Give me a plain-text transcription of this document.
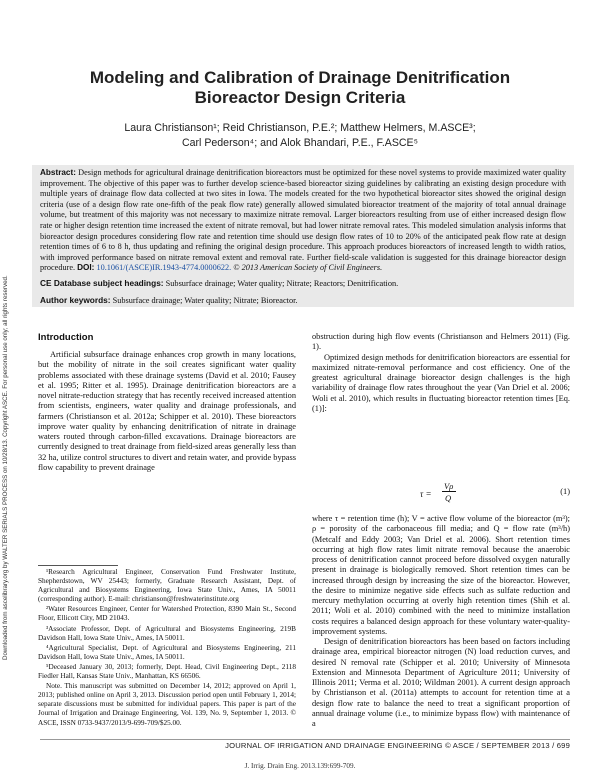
Downloaded from ascelibrary.org by WALTER SERIALS PROCESS on 10/28/13. Copyright ASCE. For personal use only; all rights reserved.
Modeling and Calibration of Drainage Denitrification
Bioreactor Design Criteria
Laura Christianson¹; Reid Christianson, P.E.²; Matthew Helmers, M.ASCE³;
Carl Pederson⁴; and Alok Bhandari, P.E., F.ASCE⁵
Abstract: Design methods for agricultural drainage denitrification bioreactors must be optimized for these novel systems to provide maximized water quality improvement. The objective of this paper was to further develop science-based bioreactor sizing guidelines by calibrating an existing design procedure with multiple years of drainage flow data collected at two sites in Iowa. The models created for the two hypothetical bioreactor sites showed the original design criteria (use of a design flow rate one-fifth of the peak flow rate) generally allowed simulated bioreactor treatment of the majority of total annual drainage volume, but treatment of this majority was not necessary to maximize nitrate removal. Larger bioreactors resulting from use of either increased design flow rate or higher design retention time increased the extent of nitrate removal, but had lower nitrate removal rates. This modeled simulation analysis informs that bioreactor design procedures considering flow rate and retention time should use design flow rates of 10 to 20% of the anticipated peak flow rate at design retention times of 6 to 8 h, thus updating and refining the original design procedure. This approach produces bioreactors of increased length to width ratios, with improved performance based on nitrate removal extent and removal rate. Further field-scale validation is suggested for this drainage bioreactor design procedure. DOI: 10.1061/(ASCE)IR.1943-4774.0000622. © 2013 American Society of Civil Engineers.
CE Database subject headings: Subsurface drainage; Water quality; Nitrate; Reactors; Denitrification.
Author keywords: Subsurface drainage; Water quality; Nitrate; Bioreactor.
Introduction

Artificial subsurface drainage enhances crop growth in many locations, but the mobility of nitrate in the soil creates significant water quality problems associated with these drainage systems (David et al. 2010; Fausey et al. 1995; Ritter et al. 1995). Drainage denitrification bioreactors are a novel nitrate-reduction strategy that has recently received increased attention from scientists, engineers, water quality and drainage professionals, and farmers (Christianson et al. 2012a; Schipper et al. 2010). These bioreactors improve water quality by enhancing denitrification of nitrate in drainage waters routed through carbon-filled excavations. Drainage bioreactors are currently designed to treat drainage from field-sized areas generally less than 32 ha, utilize control structures to divert and retain water, and provide bypass flow capability to prevent drainage

obstruction during high flow events (Christianson and Helmers 2011) (Fig. 1).

Optimized design methods for denitrification bioreactors are essential for maximized nitrate-removal performance and cost efficiency. One of the greatest agricultural drainage bioreactor design challenges is the high variability of drainage flow rates throughout the year (Van Driel et al. 2006; Woli et al. 2010), which results in fluctuating bioreactor retention times [Eq. (1)]:

τ =
Vρ
Q
(1)

where τ = retention time (h); V = active flow volume of the bioreactor (m³); ρ = porosity of the carbonaceous fill media; and Q = flow rate (m³/h) (Metcalf and Eddy 2003; Van Driel et al. 2006). Short retention times occurring at high flow rates limit nitrate removal because the anaerobic process of denitrification cannot proceed before dissolved oxygen naturally present in drainage is biologically removed. Short retention times can be increased through design by increasing the size of the bioreactor. However, the desire to minimize negative side effects such as sulfate reduction and mercury methylation occurring at overly high retention times (Shih et al. 2011; Woli et al. 2010) combined with the need to minimize installation costs requires a balanced design approach for these voluntary water-quality-improvement systems.

Design of denitrification bioreactors has been based on factors including drainage area, empirical bioreactor nitrogen (N) load reduction curves, and desired N removal rate (Schipper et al. 2010; University of Minnesota Extension and Minnesota Department of Agriculture 2011; University of Illinois 2011; Verma et al. 2010; Wildman 2001). A current design approach by Christianson et al. (2011a) attempts to account for retention time at a design flow rate to balance the need to treat a significant proportion of annual drainage volume (i.e., to minimize bypass flow) with maintenance of a

¹Research Agricultural Engineer, Conservation Fund Freshwater Institute, Shepherdstown, WV 25443; formerly, Graduate Research Assistant, Dept. of Agricultural and Biosystems Engineering, Iowa State Univ., Ames, IA 50011 (corresponding author). E-mail: christianson@freshwaterinstitute.org

²Water Resources Engineer, Center for Watershed Protection, 8390 Main St., Second Floor, Ellicott City, MD 21043.

³Associate Professor, Dept. of Agricultural and Biosystems Engineering, 219B Davidson Hall, Iowa State Univ., Ames, IA 50011.

⁴Agricultural Specialist, Dept. of Agricultural and Biosystems Engineering, 211 Davidson Hall, Iowa State Univ., Ames, IA 50011.

⁵Deceased January 30, 2013; formerly, Dept. Head, Civil Engineering Dept., 2118 Fiedler Hall, Kansas State Univ., Manhattan, KS 66506.

Note. This manuscript was submitted on December 14, 2012; approved on April 1, 2013; published online on April 3, 2013. Discussion period open until February 1, 2014; separate discussions must be submitted for individual papers. This paper is part of the Journal of Irrigation and Drainage Engineering, Vol. 139, No. 9, September 1, 2013. © ASCE, ISSN 0733-9437/2013/9-699-709/$25.00.

JOURNAL OF IRRIGATION AND DRAINAGE ENGINEERING © ASCE / SEPTEMBER 2013 / 699
J. Irrig. Drain Eng. 2013.139:699-709.
